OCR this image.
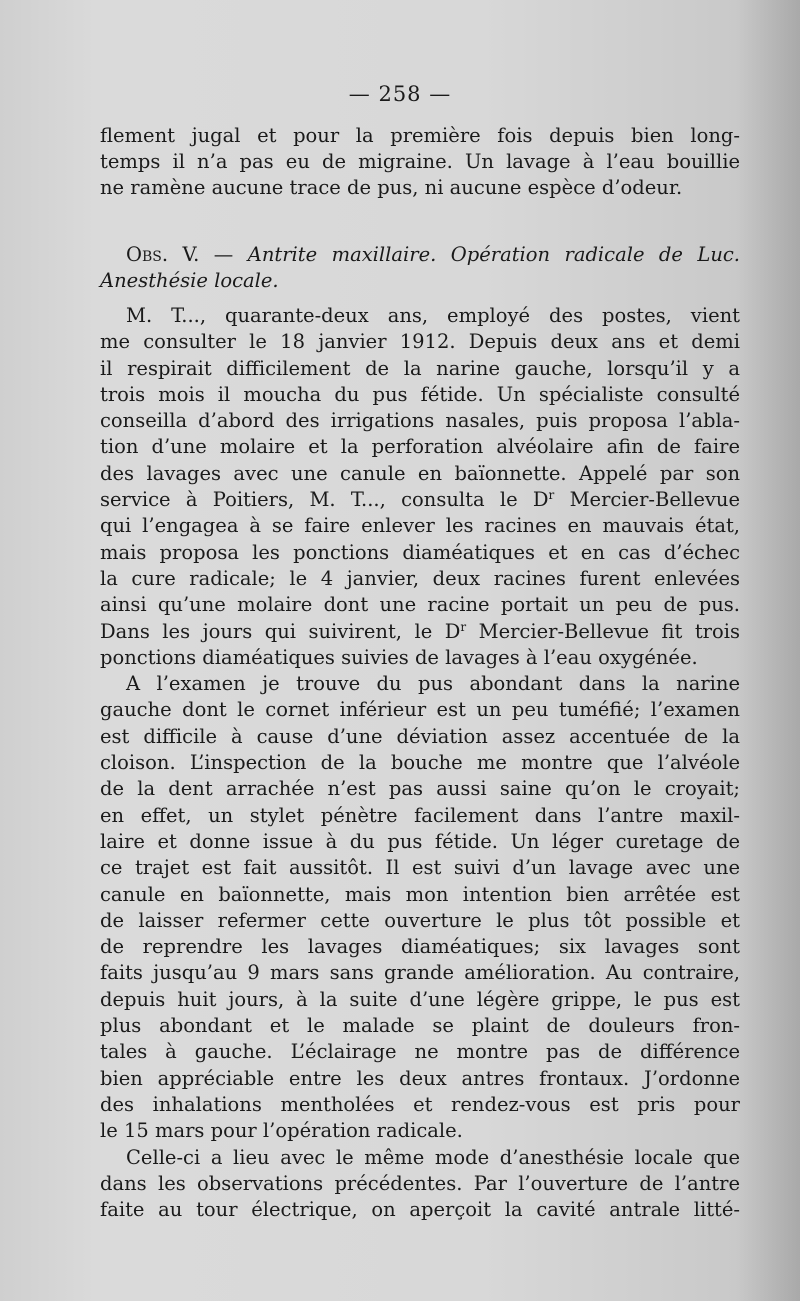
— 258 —
flement jugal et pour la première fois depuis bien long-
temps il n’a pas eu de migraine. Un lavage à l’eau bouillie
ne ramène aucune trace de pus, ni aucune espèce d’odeur.
Obs. V. — Antrite maxillaire. Opération radicale de Luc.
Anesthésie locale.
M. T..., quarante-deux ans, employé des postes, vient
me consulter le 18 janvier 1912. Depuis deux ans et demi
il respirait difficilement de la narine gauche, lorsqu’il y a
trois mois il moucha du pus fétide. Un spécialiste consulté
conseilla d’abord des irrigations nasales, puis proposa l’abla-
tion d’une molaire et la perforation alvéolaire afin de faire
des lavages avec une canule en baïonnette. Appelé par son
service à Poitiers, M. T..., consulta le $D^r$ Mercier-Bellevue
qui l’engagea à se faire enlever les racines en mauvais état,
mais proposa les ponctions diaméatiques et en cas d’échec
la cure radicale; le 4 janvier, deux racines furent enlevées
ainsi qu’une molaire dont une racine portait un peu de pus.
Dans les jours qui suivirent, le $D^r$ Mercier-Bellevue fit trois
ponctions diaméatiques suivies de lavages à l’eau oxygénée.
A l’examen je trouve du pus abondant dans la narine
gauche dont le cornet inférieur est un peu tuméfié; l’examen
est difficile à cause d’une déviation assez accentuée de la
cloison. L’inspection de la bouche me montre que l’alvéole
de la dent arrachée n’est pas aussi saine qu’on le croyait;
en effet, un stylet pénètre facilement dans l’antre maxil-
laire et donne issue à du pus fétide. Un léger curetage de
ce trajet est fait aussitôt. Il est suivi d’un lavage avec une
canule en baïonnette, mais mon intention bien arrêtée est
de laisser refermer cette ouverture le plus tôt possible et
de reprendre les lavages diaméatiques; six lavages sont
faits jusqu’au 9 mars sans grande amélioration. Au contraire,
depuis huit jours, à la suite d’une légère grippe, le pus est
plus abondant et le malade se plaint de douleurs fron-
tales à gauche. L’éclairage ne montre pas de différence
bien appréciable entre les deux antres frontaux. J’ordonne
des inhalations mentholées et rendez-vous est pris pour
le 15 mars pour l’opération radicale.
Celle-ci a lieu avec le même mode d’anesthésie locale que
dans les observations précédentes. Par l’ouverture de l’antre
faite au tour électrique, on aperçoit la cavité antrale litté-
